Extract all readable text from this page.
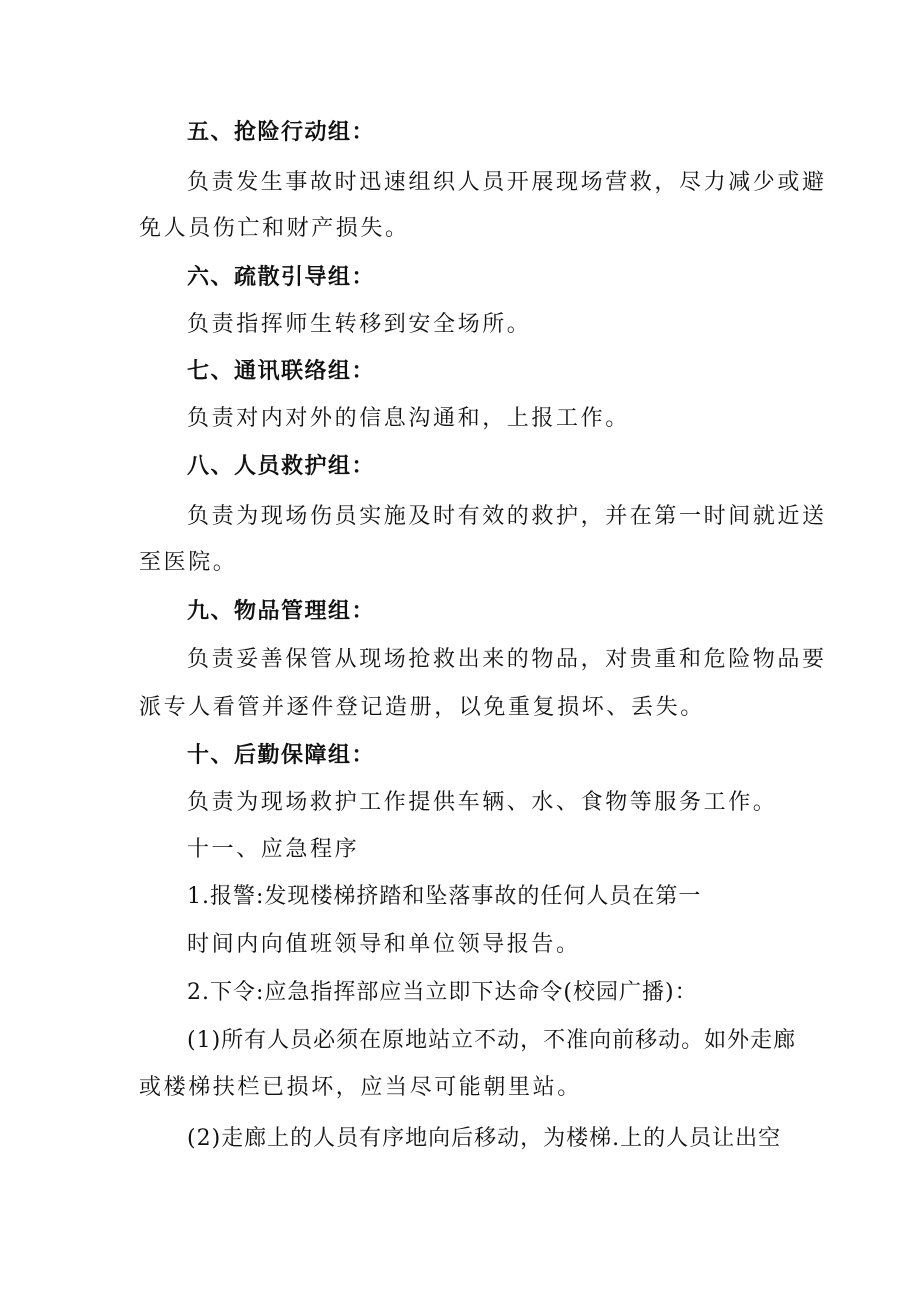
五、抢险行动组：
负责发生事故时迅速组织人员开展现场营救，尽力减少或避
免人员伤亡和财产损失。
六、疏散引导组：
负责指挥师生转移到安全场所。
七、通讯联络组：
负责对内对外的信息沟通和，上报工作。
八、人员救护组：
负责为现场伤员实施及时有效的救护，并在第一时间就近送
至医院。
九、物品管理组：
负责妥善保管从现场抢救出来的物品，对贵重和危险物品要
派专人看管并逐件登记造册，以免重复损坏、丢失。
十、后勤保障组：
负责为现场救护工作提供车辆、水、食物等服务工作。
十一、应急程序
1.报警:发现楼梯挤踏和坠落事故的任何人员在第一
时间内向值班领导和单位领导报告。
2.下令:应急指挥部应当立即下达命令(校园广播)：
(1)所有人员必须在原地站立不动，不准向前移动。如外走廊
或楼梯扶栏已损坏，应当尽可能朝里站。
(2)走廊上的人员有序地向后移动，为楼梯.上的人员让出空
